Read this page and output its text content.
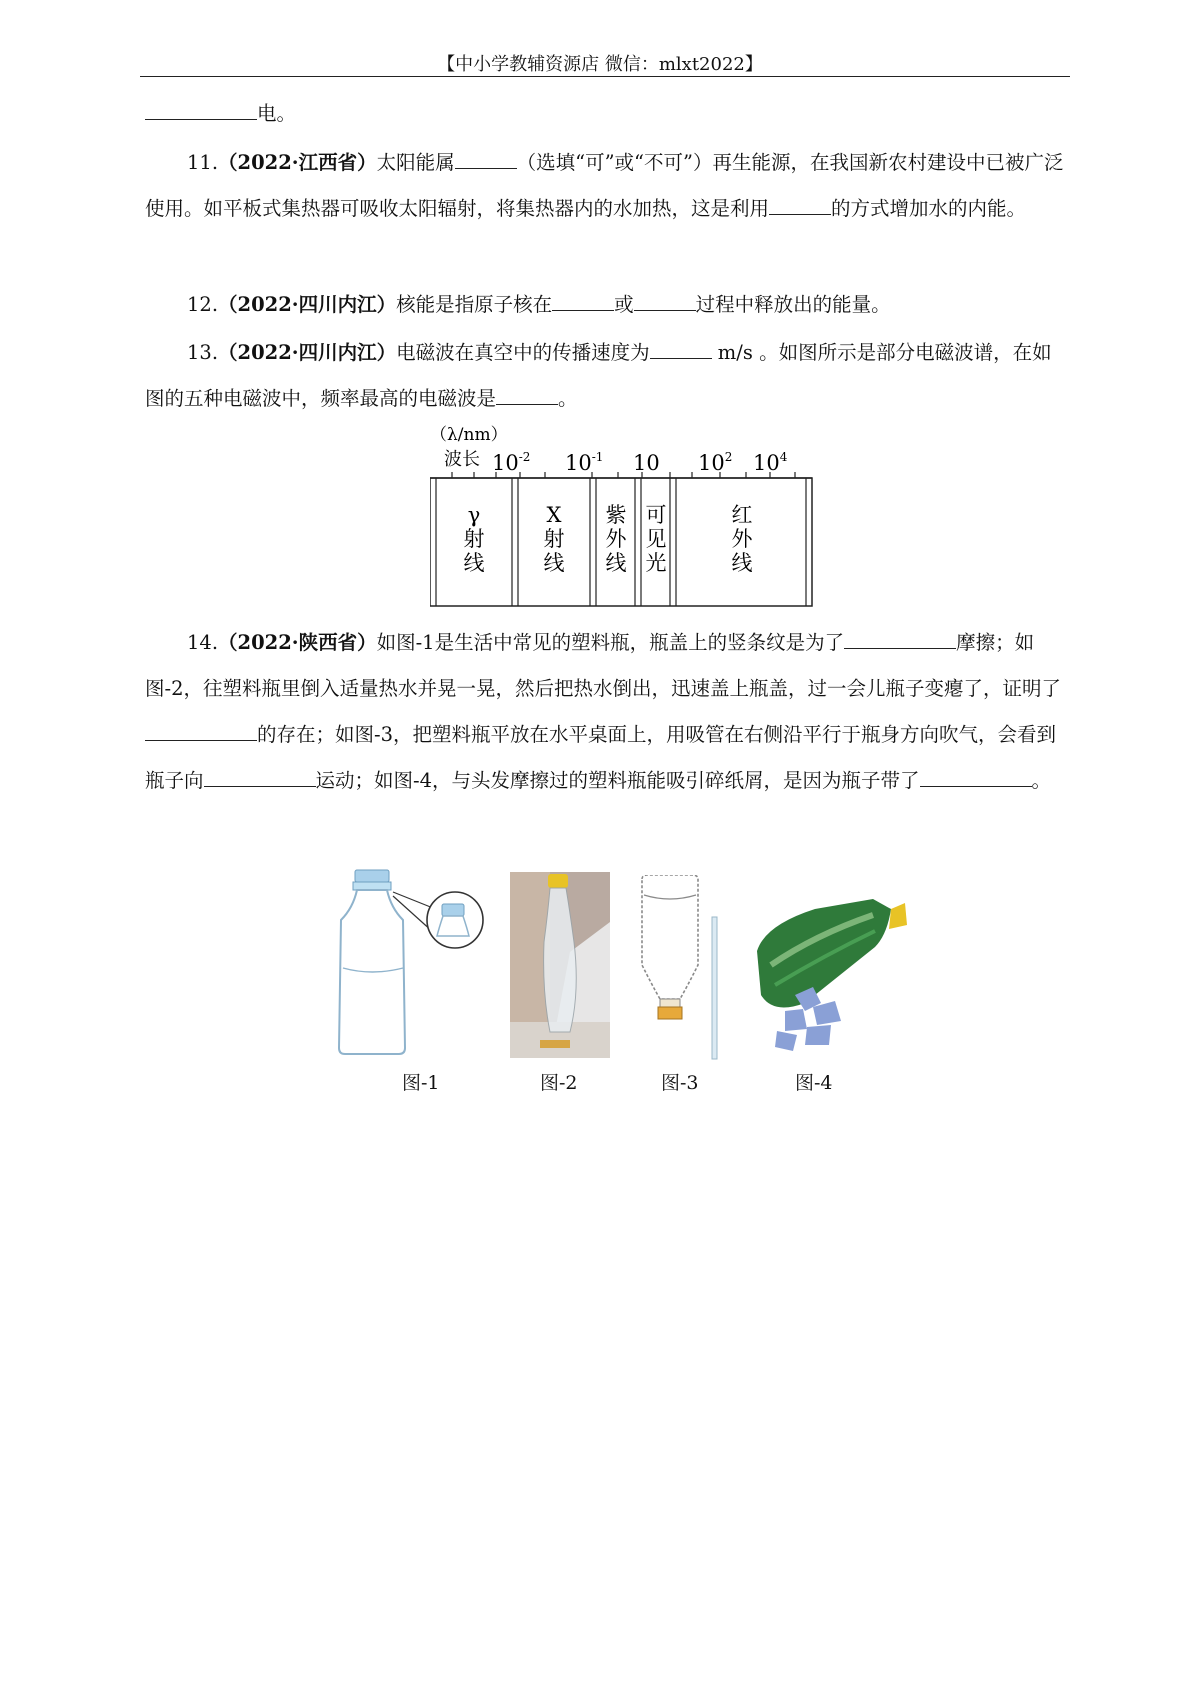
【中小学教辅资源店 微信：mlxt2022】

电。

11.（2022·江西省）太阳能属	（选填“可”或“不可”）再生能源，在我国新农村建设中已被广泛使用。如平板式集热器可吸收太阳辐射，将集热器内的水加热，这是利用	的方式增加水的内能。

12.（2022·四川内江）核能是指原子核在	或	过程中释放出的能量。

13.（2022·四川内江）电磁波在真空中的传播速度为	m/s 。如图所示是部分电磁波谱，在如图的五种电磁波中，频率最高的电磁波是	。

（λ/nm）
波长 $10^{-2}$ $10^{-1}$ 10 $10^2$ $10^4$
γ
射
线
X
射
线
紫
外
线
可
见
光
红
外
线

14.（2022·陕西省）如图-1是生活中常见的塑料瓶，瓶盖上的竖条纹是为了	摩擦；如图-2，往塑料瓶里倒入适量热水并晃一晃，然后把热水倒出，迅速盖上瓶盖，过一会儿瓶子变瘪了，证明了的存在；如图-3，把塑料瓶平放在水平桌面上，用吸管在右侧沿平行于瓶身方向吹气，会看到瓶子向	运动；如图-4，与头发摩擦过的塑料瓶能吸引碎纸屑，是因为瓶子带了	。

图-1	图-2	图-3	图-4
